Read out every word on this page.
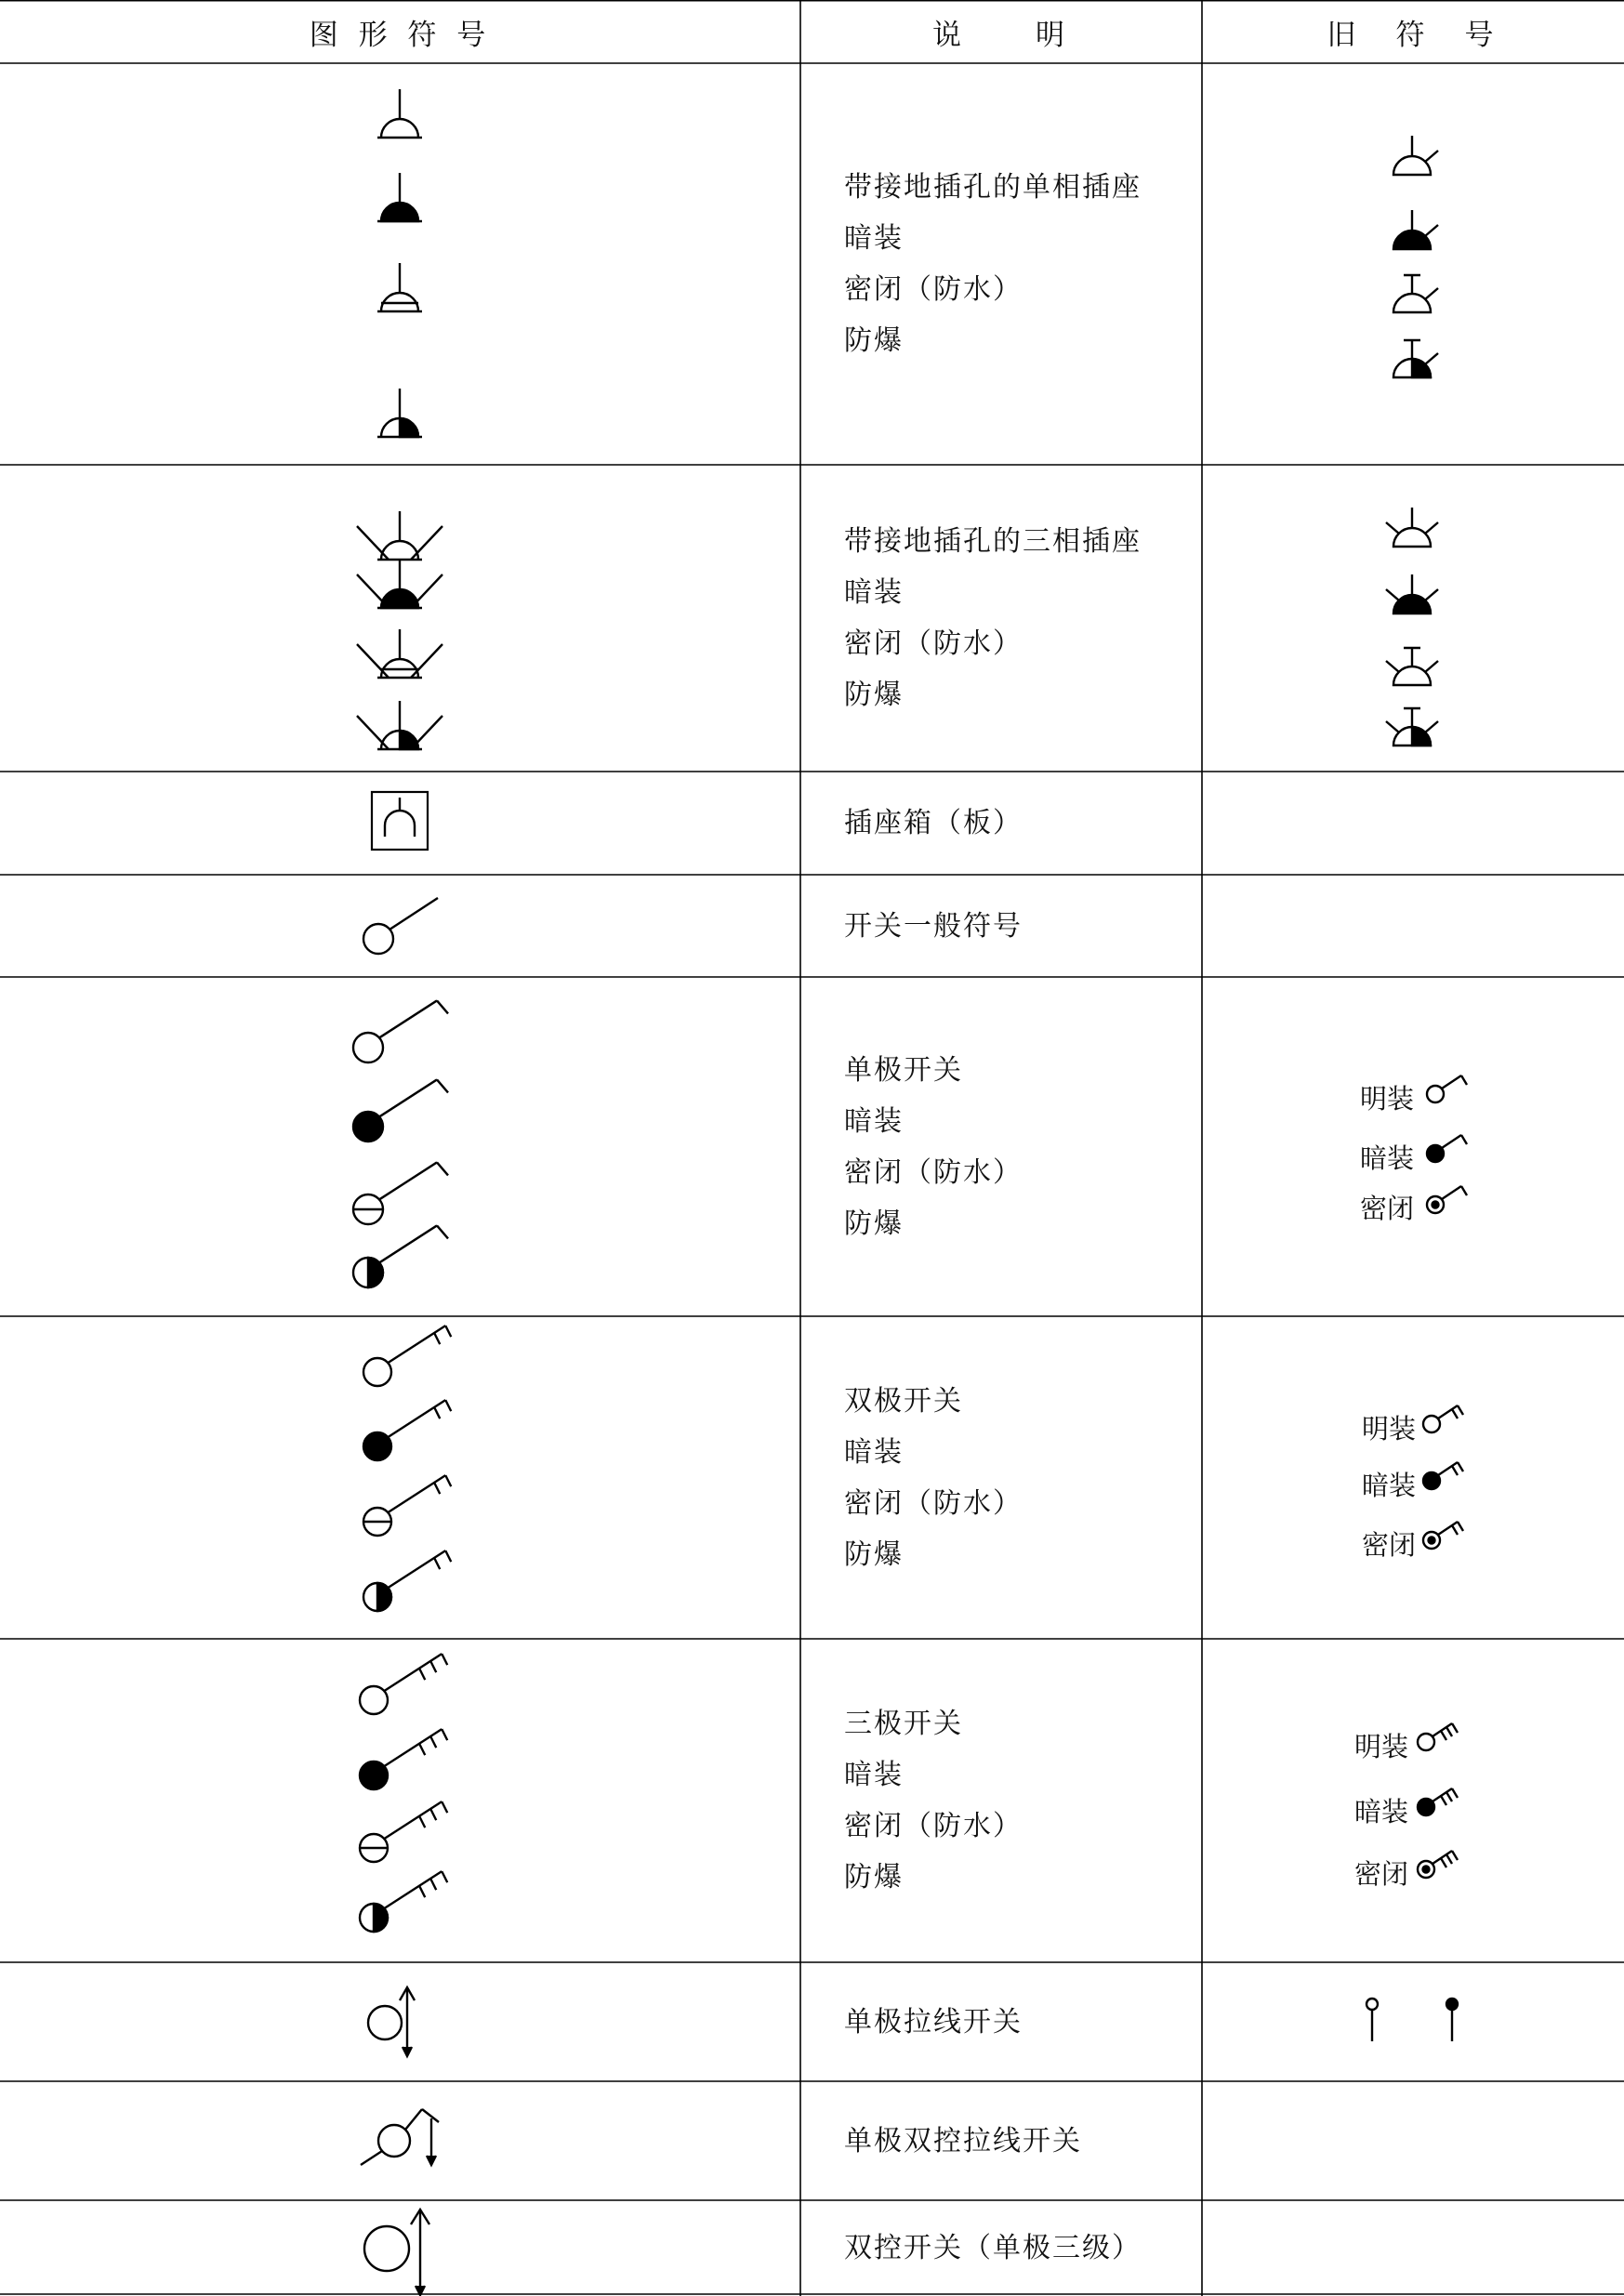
图 形 符 号	说　　明	旧　符　号
带接地插孔的单相插座
暗装
密闭（防水）
防爆
带接地插孔的三相插座
暗装
密闭（防水）
防爆
插座箱（板）
开关一般符号
单极开关
暗装
密闭（防水）
防爆
双极开关
暗装
密闭（防水）
防爆
三极开关
暗装
密闭（防水）
防爆
单极拉线开关
单极双控拉线开关
双控开关（单极三级）
明装
暗装
密闭
明装
暗装
密闭
明装
暗装
密闭
